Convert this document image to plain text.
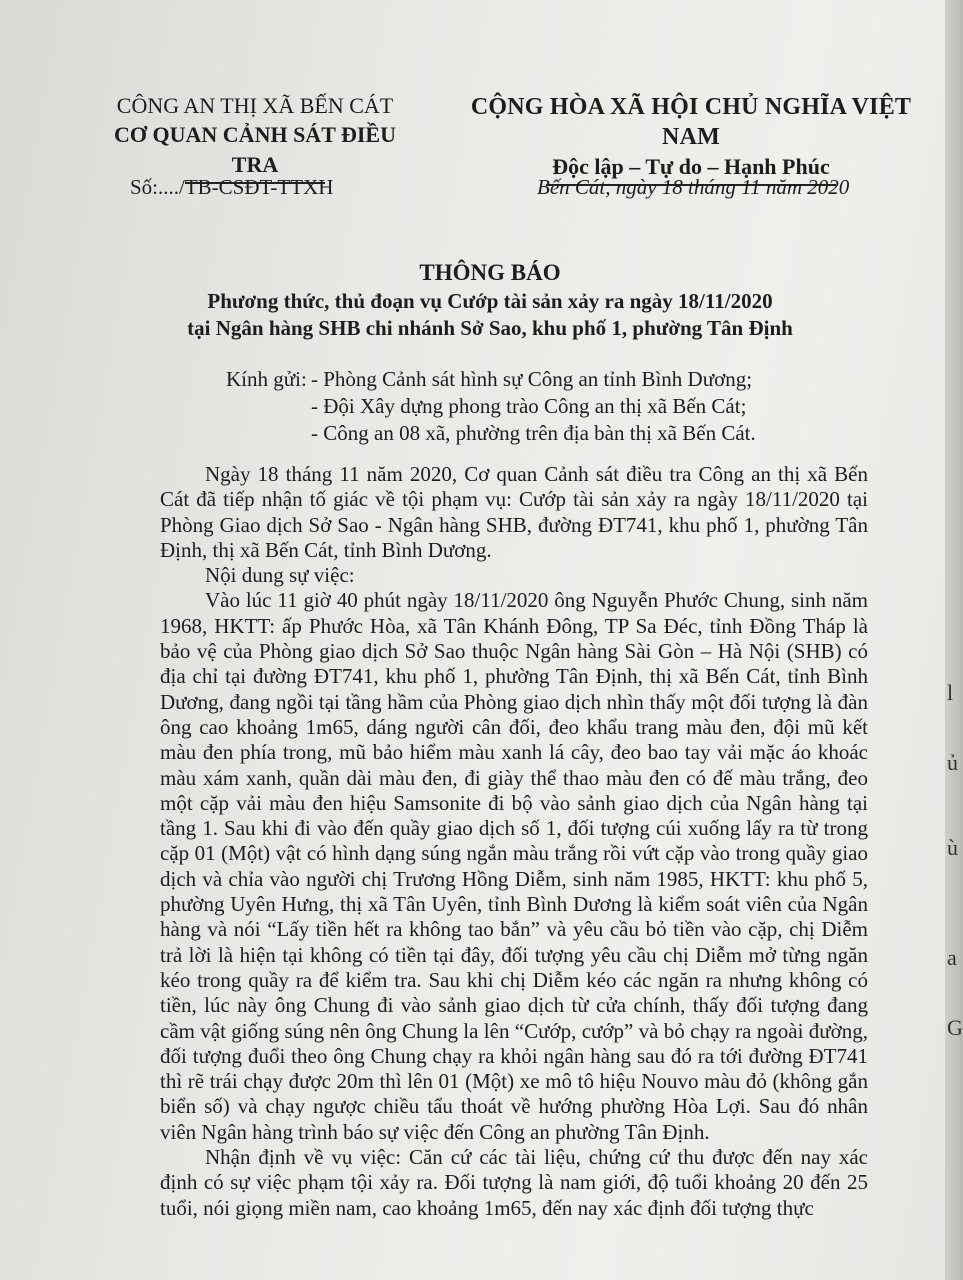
l
ủ
ù
a
G
CÔNG AN THỊ XÃ BẾN CÁT
CƠ QUAN CẢNH SÁT ĐIỀU TRA
CỘNG HÒA XÃ HỘI CHỦ NGHĨA VIỆT NAM
Độc lập – Tự do – Hạnh Phúc
Số:..../TB-CSĐT-TTXH	Bến Cát, ngày 18 tháng 11 năm 2020
THÔNG BÁO
Phương thức, thủ đoạn vụ Cướp tài sản xảy ra ngày 18/11/2020
tại Ngân hàng SHB chi nhánh Sở Sao, khu phố 1, phường Tân Định
Kính gửi: - Phòng Cảnh sát hình sự Công an tỉnh Bình Dương;
- Đội Xây dựng phong trào Công an thị xã Bến Cát;
- Công an 08 xã, phường trên địa bàn thị xã Bến Cát.

Ngày 18 tháng 11 năm 2020, Cơ quan Cảnh sát điều tra Công an thị xã Bến Cát đã tiếp nhận tố giác về tội phạm vụ: Cướp tài sản xảy ra ngày 18/11/2020 tại Phòng Giao dịch Sở Sao - Ngân hàng SHB, đường ĐT741, khu phố 1, phường Tân Định, thị xã Bến Cát, tỉnh Bình Dương.

Nội dung sự việc:

Vào lúc 11 giờ 40 phút ngày 18/11/2020 ông Nguyễn Phước Chung, sinh năm 1968, HKTT: ấp Phước Hòa, xã Tân Khánh Đông, TP Sa Đéc, tỉnh Đồng Tháp là bảo vệ của Phòng giao dịch Sở Sao thuộc Ngân hàng Sài Gòn – Hà Nội (SHB) có địa chỉ tại đường ĐT741, khu phố 1, phường Tân Định, thị xã Bến Cát, tỉnh Bình Dương, đang ngồi tại tầng hầm của Phòng giao dịch nhìn thấy một đối tượng là đàn ông cao khoảng 1m65, dáng người cân đối, đeo khẩu trang màu đen, đội mũ kết màu đen phía trong, mũ bảo hiểm màu xanh lá cây, đeo bao tay vải mặc áo khoác màu xám xanh, quần dài màu đen, đi giày thể thao màu đen có đế màu trắng, đeo một cặp vải màu đen hiệu Samsonite đi bộ vào sảnh giao dịch của Ngân hàng tại tầng 1. Sau khi đi vào đến quầy giao dịch số 1, đối tượng cúi xuống lấy ra từ trong cặp 01 (Một) vật có hình dạng súng ngắn màu trắng rồi vứt cặp vào trong quầy giao dịch và chỉa vào người chị Trương Hồng Diễm, sinh năm 1985, HKTT: khu phố 5, phường Uyên Hưng, thị xã Tân Uyên, tỉnh Bình Dương là kiểm soát viên của Ngân hàng và nói “Lấy tiền hết ra không tao bắn” và yêu cầu bỏ tiền vào cặp, chị Diễm trả lời là hiện tại không có tiền tại đây, đối tượng yêu cầu chị Diễm mở từng ngăn kéo trong quầy ra để kiểm tra. Sau khi chị Diễm kéo các ngăn ra nhưng không có tiền, lúc này ông Chung đi vào sảnh giao dịch từ cửa chính, thấy đối tượng đang cầm vật giống súng nên ông Chung la lên “Cướp, cướp” và bỏ chạy ra ngoài đường, đối tượng đuổi theo ông Chung chạy ra khỏi ngân hàng sau đó ra tới đường ĐT741 thì rẽ trái chạy được 20m thì lên 01 (Một) xe mô tô hiệu Nouvo màu đỏ (không gắn biển số) và chạy ngược chiều tẩu thoát về hướng phường Hòa Lợi. Sau đó nhân viên Ngân hàng trình báo sự việc đến Công an phường Tân Định.

Nhận định về vụ việc: Căn cứ các tài liệu, chứng cứ thu được đến nay xác định có sự việc phạm tội xảy ra. Đối tượng là nam giới, độ tuổi khoảng 20 đến 25 tuổi, nói giọng miền nam, cao khoảng 1m65, đến nay xác định đối tượng thực
